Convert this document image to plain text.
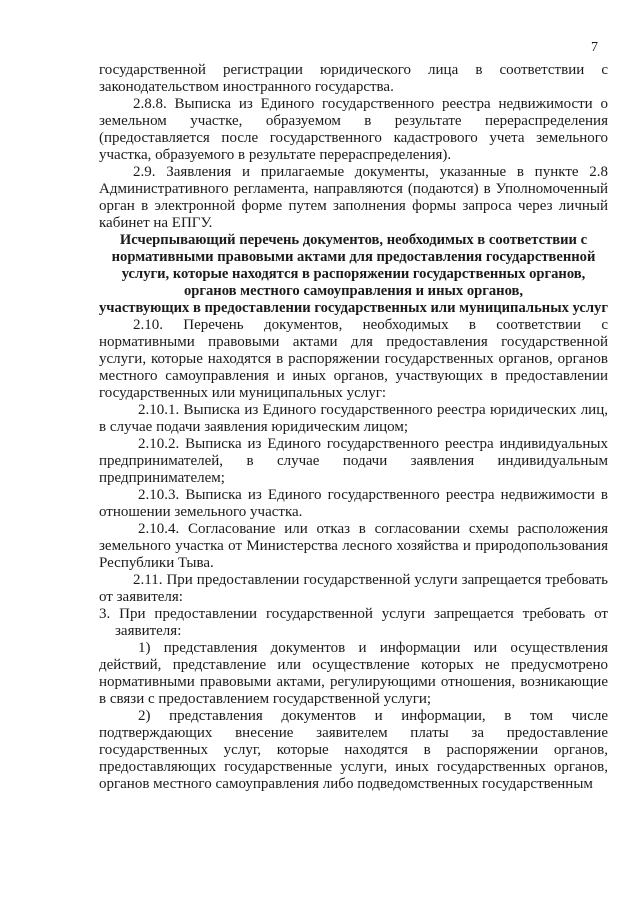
7

государственной регистрации юридического лица в соответствии с законодательством иностранного государства.

2.8.8. Выписка из Единого государственного реестра недвижимости о земельном участке, образуемом в результате перераспределения (предоставляется после государственного кадастрового учета земельного участка, образуемого в результате перераспределения).

2.9. Заявления и прилагаемые документы, указанные в пункте 2.8 Административного регламента, направляются (подаются) в Уполномоченный орган в электронной форме путем заполнения формы запроса через личный кабинет на ЕПГУ.

Исчерпывающий перечень документов, необходимых в соответствии с нормативными правовыми актами для предоставления государственной услуги, которые находятся в распоряжении государственных органов, органов местного самоуправления и иных органов,

участвующих в предоставлении государственных или муниципальных услуг

2.10. Перечень документов, необходимых в соответствии с нормативными правовыми актами для предоставления государственной услуги, которые находятся в распоряжении государственных органов, органов местного самоуправления и иных органов, участвующих в предоставлении государственных или муниципальных услуг:

2.10.1. Выписка из Единого государственного реестра юридических лиц, в случае подачи заявления юридическим лицом;

2.10.2. Выписка из Единого государственного реестра индивидуальных предпринимателей, в случае подачи заявления индивидуальным предпринимателем;

2.10.3. Выписка из Единого государственного реестра недвижимости в отношении земельного участка.

2.10.4. Согласование или отказ в согласовании схемы расположения земельного участка от Министерства лесного хозяйства и природопользования Республики Тыва.

2.11. При предоставлении государственной услуги запрещается требовать от заявителя:

3. При предоставлении государственной услуги запрещается требовать от заявителя:

1) представления документов и информации или осуществления действий, представление или осуществление которых не предусмотрено нормативными правовыми актами, регулирующими отношения, возникающие в связи с предоставлением государственной услуги;

2) представления документов и информации, в том числе подтверждающих внесение заявителем платы за предоставление государственных услуг, которые находятся в распоряжении органов, предоставляющих государственные услуги, иных государственных органов, органов местного самоуправления либо подведомственных государственным
